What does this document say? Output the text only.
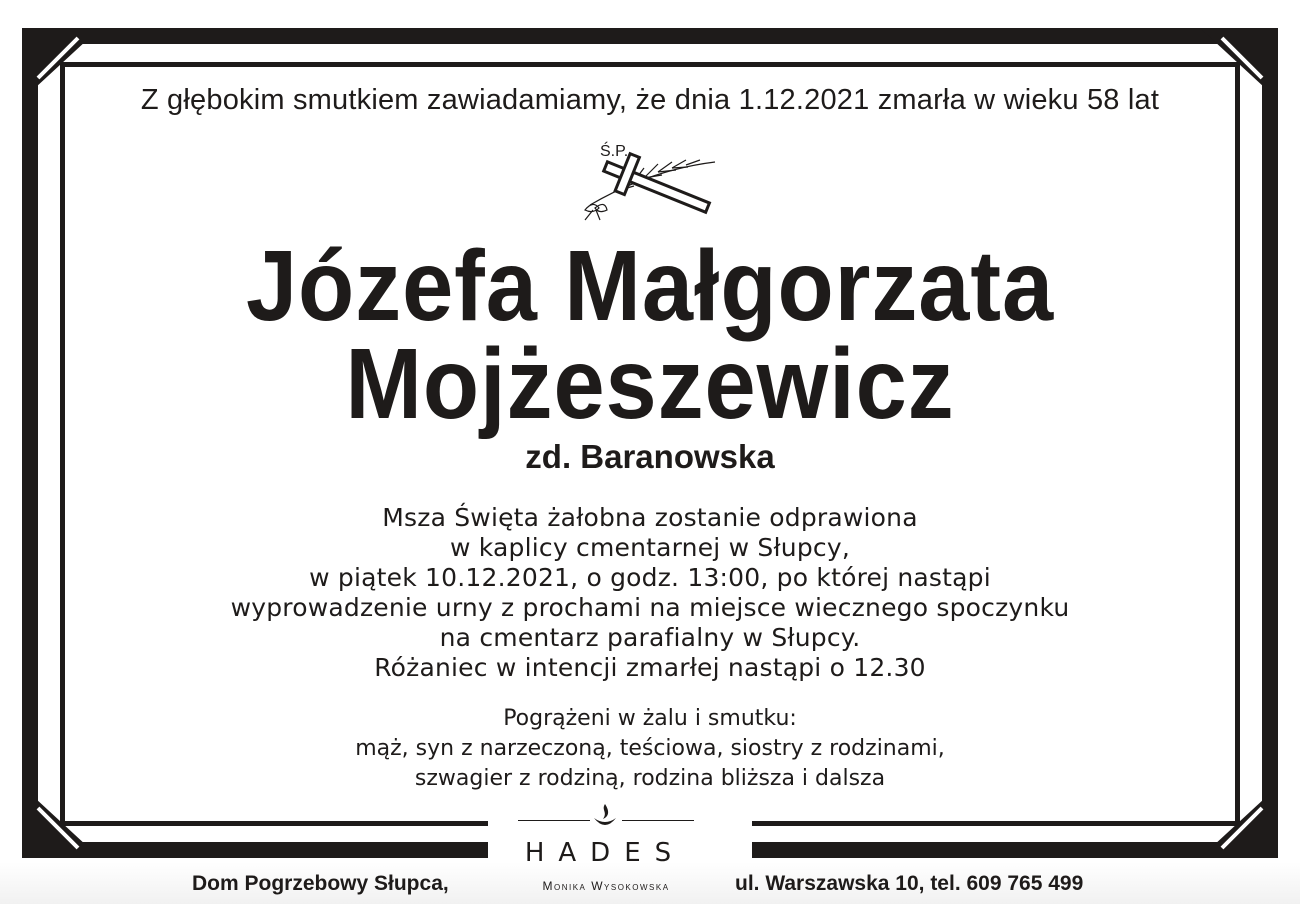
Z głębokim smutkiem zawiadamiamy, że dnia 1.12.2021 zmarła w wieku 58 lat
Ś.P.
Józefa Małgorzata
Mojżeszewicz
zd. Baranowska
Msza Święta żałobna zostanie odprawiona
w kaplicy cmentarnej w Słupcy,
w piątek 10.12.2021, o godz. 13:00, po której nastąpi
wyprowadzenie urny z prochami na miejsce wiecznego spoczynku
na cmentarz parafialny w Słupcy.
Różaniec w intencji zmarłej nastąpi o 12.30
Pogrążeni w żalu i smutku:
mąż, syn z narzeczoną, teściowa, siostry z rodzinami,
szwagier z rodziną, rodzina bliższa i dalsza
HADES
Monika Wysokowska
Dom Pogrzebowy Słupca,	ul. Warszawska 10, tel. 609 765 499
